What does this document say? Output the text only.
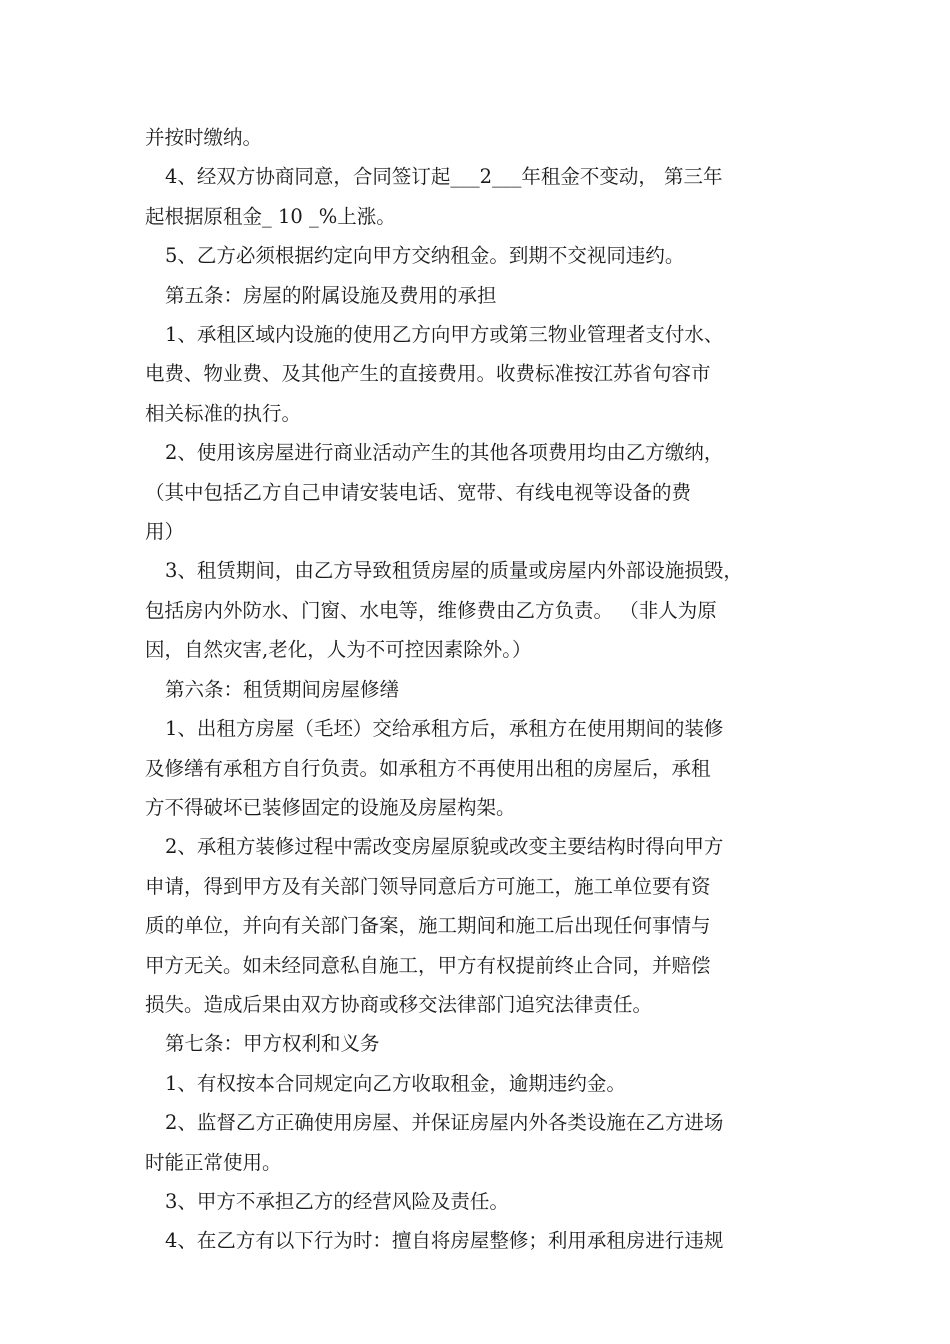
并按时缴纳。
4、经双方协商同意，合同签订起___2___年租金不变动， 第三年
起根据原租金_ 10 _%上涨。
5、乙方必须根据约定向甲方交纳租金。到期不交视同违约。
第五条：房屋的附属设施及费用的承担
1、承租区域内设施的使用乙方向甲方或第三物业管理者支付水、
电费、物业费、及其他产生的直接费用。收费标准按江苏省句容市
相关标准的执行。
2、使用该房屋进行商业活动产生的其他各项费用均由乙方缴纳，
（其中包括乙方自己申请安装电话、宽带、有线电视等设备的费
用）
3、租赁期间，由乙方导致租赁房屋的质量或房屋内外部设施损毁，
包括房内外防水、门窗、水电等，维修费由乙方负责。 （非人为原
因，自然灾害,老化，人为不可控因素除外。）
第六条：租赁期间房屋修缮
1、出租方房屋（毛坯）交给承租方后，承租方在使用期间的装修
及修缮有承租方自行负责。如承租方不再使用出租的房屋后，承租
方不得破坏已装修固定的设施及房屋构架。
2、承租方装修过程中需改变房屋原貌或改变主要结构时得向甲方
申请，得到甲方及有关部门领导同意后方可施工，施工单位要有资
质的单位，并向有关部门备案，施工期间和施工后出现任何事情与
甲方无关。如未经同意私自施工，甲方有权提前终止合同，并赔偿
损失。造成后果由双方协商或移交法律部门追究法律责任。
第七条：甲方权利和义务
1、有权按本合同规定向乙方收取租金，逾期违约金。
2、监督乙方正确使用房屋、并保证房屋内外各类设施在乙方进场
时能正常使用。
3、甲方不承担乙方的经营风险及责任。
4、在乙方有以下行为时：擅自将房屋整修；利用承租房进行违规
